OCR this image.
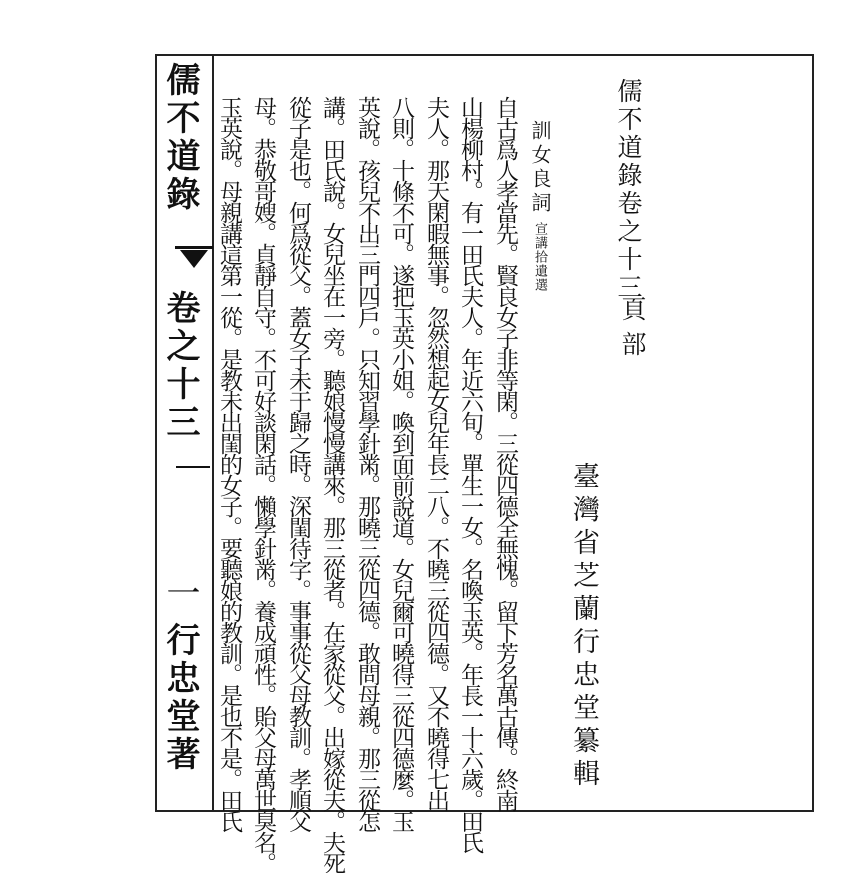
儒不道錄
卷之十三
一
行忠堂著
儒不道錄卷之十三
頁部
臺灣省芝蘭行忠堂纂輯
訓女良詞
宣講拾遺選
自古爲人孝當先。賢良女子非等閑。三從四德全無愧。留下芳名萬古傳。終南
山楊柳村。有一田氏夫人。年近六旬。單生一女。名喚玉英。年長一十六歲。田氏
夫人。那天閑暇無事。忽然想起女兒年長二八。不曉三從四德。又不曉得七出
八則。十條不可。遂把玉英小姐。喚到面前說道。女兒爾可曉得三從四德麼。玉
英說。孩兒不出三門四戶。只知習學針黹。那曉三從四德。敢問母親。那三從怎
講。田氏說。女兒坐在一旁。聽娘慢慢講來。那三從者。在家從父。出嫁從夫。夫死
從子是也。何爲從父。蓋女子未于歸之時。深閨待字。事事從父母教訓。孝順父
母。恭敬哥嫂。貞靜自守。不可好談閑話。懶學針黹。養成頑性。貽父母萬世臭名。
玉英說。母親講這第一從。是教未出閨的女子。要聽娘的教訓。是也不是。田氏
